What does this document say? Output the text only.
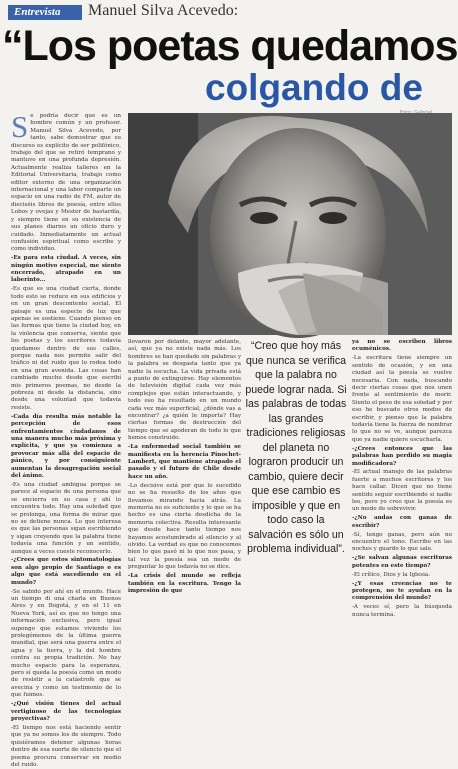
Entrevista	Manuel Silva Acevedo:
“Los poetas quedamos
colgando de
S e podría decir que es un hombre común y un profesor. Manuel Silva Acevedo, por tanto, sabe demostrar que su discurso es explícito de ser polifónico, trabajo del que se retiró temprano y mantuvo en una profunda depresión. Actualmente realiza talleres en la Editorial Universitaria, trabajo como editor externo de una organización internacional y una labor comparte un espacio en una radio de FM, autor de dieciséis libros de poesía, entre ellos Lobos y ovejas y Mester de bastardía, y siempre tiene en su existencia de sus planes diarios un oficio duro y cuidado. Inmediatamente un actual confusión espiritual como escribe y como individuo.

-Es para esta ciudad. A veces, sin ningún motivo especial, me siento encerrado, atrapado en un laberinto...

-Es que es una ciudad cierta, donde todo esto se reduce en sus edificios y en un gran descontento social. El paisaje es una especie de luz que apenas se sostiene. Cuando pienso en las formas que tiene la ciudad hoy, en la violencia que conserva, siento que los poetas y los escritores todavía quedamos dentro de sus calles, porque nada nos permite salir del tráfico ni del ruido que lo rodea todo en una gran avenida. Las cosas han cambiado mucho desde que escribí mis primeros poemas, no desde la pobreza ni desde la distancia, sino desde una voluntad que todavía resiste.

-Cada día resulta más notable la percepción de esos enfrentamientos ciudadanos de una manera mucho más próxima y explícita, y que ya comienza a provocar más allá del espacio de pánico, y por consiguiente aumentan la desagregación social del ánimo.

-Es una ciudad ambigua porque se parece al espacio de una persona que se encierra en su casa y ahí lo encuentra todo. Hay una soledad que se prolonga, una forma de mirar que no se detiene nunca. Lo que interesa es que las personas sigan escribiendo y sigan creyendo que la palabra tiene todavía una función y un sentido, aunque a veces cueste reconocerlo.

-¿Crees que estos sintomatologías son algo propio de Santiago o es algo que está sucediendo en el mundo?

-Se sabido por ahí en el mundo. Hace un tiempo di una charla en Buenos Aires y en Bogotá, y en el 11 en Nueva York, así es que no tengo una información exclusiva, pero igual supongo que estamos viviendo los prolegómenos de la última guerra mundial, que será una guerra entre el agua y la tierra, y la del hombre contra su propia tradición. No hay mucho espacio para la esperanza, pero sí queda la poesía como un modo de resistir a la catástrofe que se avecina y como un testimonio de lo que fuimos.

-¿Qué visión tienes del actual vertiginoso de las tecnologías proyectivas?

-El tiempo nos está haciendo sentir que ya no somos los de siempre. Todo quisiéramos detener algunas horas dentro de esa suerte de silencio que el poema procura conservar en medio del ruido.

llevaron por delante, mayor adelante, así, que ya no existe nada más. Los hombres se han quedado sin palabras y la palabra se desgasta tanto que ya nadie la escucha. La vida privada está a punto de extinguirse. Hay elementos de televisión digital cada vez más complejos que están interactuando, y todo eso ha resultado en un mundo cada vez más superficial, ¿dónde vas a encontrar? ¿a quién le importa? Hay ciertas formas de destrucción del tiempo que se apoderan de todo lo que hemos construido.

-La enfermedad social también se manifiesta en la herencia Pinochet-Lambert, que mantiene atrapado el pasado y el futuro de Chile desde hace un año.

-Lo decisivo está por que lo sucedido no se ha resuelto de los años que llevamos mirando hacia atrás. La memoria no es suficiente y lo que se ha hecho es una cierta desdicha de la memoria colectiva. Resulta interesante que desde hace tanto tiempo nos hayamos acostumbrado al silencio y al olvido. La verdad es que no conocemos bien lo que pasó ni lo que nos pasa, y tal vez la poesía sea un modo de preguntar lo que todavía no se dice.

-La crisis del mundo se refleja también en la escritura. Tengo la impresión de que

“Creo que hoy más que nunca se verifica que la palabra no puede lograr nada. Si las palabras de todas las grandes tradiciones religiosas del planeta no lograron producir un cambio, quiere decir que ese cambio es imposible y que en todo caso la salvación es sólo un problema individual”.

ya no se escriben libros ecuménicos.

-La escritura tiene siempre un sentido de ocasión, y en una ciudad así la poesía se vuelve necesaria. Con nada, buscando decir ciertas cosas que nos unen frente al sentimiento de morir. Siento el peso de esa soledad y por eso he buscado otros modos de escribir, y pienso que la palabra todavía tiene la fuerza de nombrar lo que no se ve, aunque parezca que ya nadie quiere escucharla.

-¿Crees entonces que las palabras han perdido su magia modificadora?

-El actual manejo de las palabras fuerte a muchos escritores y los hace callar. Dicen que no tiene sentido seguir escribiendo si nadie lee, pero yo creo que la poesía es un modo de sobrevivir.

-¿No andas con ganas de escribir?

-Sí, tengo ganas, pero aún no encuentro el tono. Escribo en las noches y guardo lo que sale.

-¿Se salvan algunas escrituras potentes en este tiempo?

-El crítico, Dios y la Iglesia.

-¿Y esas creencias no te protegen, no te ayudan en la comprensión del mundo?

-A veces sí, pero la búsqueda nunca termina.
